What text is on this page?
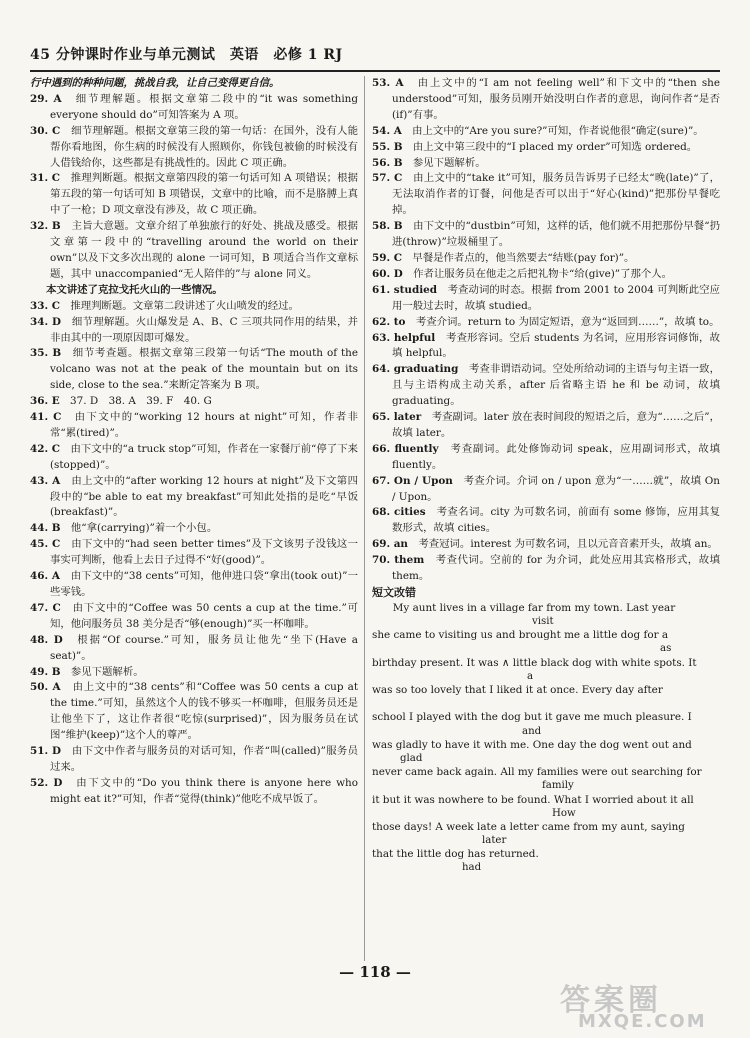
45 分钟课时作业与单元测试　英语　必修 1 RJ

行中遇到的种种问题，挑战自我，让自己变得更自信。

29. A　 细节理解题。根据文章第二段中的“it was something everyone should do”可知答案为 A 项。

30. C　 细节理解题。根据文章第三段的第一句话：在国外，没有人能帮你看地图，你生病的时候没有人照顾你，你钱包被偷的时候没有人借钱给你，这些都是有挑战性的。因此 C 项正确。

31. C　 推理判断题。根据文章第四段的第一句话可知 A 项错误；根据第五段的第一句话可知 B 项错误，文章中的比喻，而不是胳膊上真中了一枪；D 项文章没有涉及，故 C 项正确。

32. B　 主旨大意题。文章介绍了单独旅行的好处、挑战及感受。根据文章第一段中的“travelling around the world on their own”以及下文多次出现的 alone 一词可知，B 项适合当作文章标题，其中 unaccompanied“无人陪伴的”与 alone 同义。

本文讲述了克拉戈托火山的一些情况。

33. C　 推理判断题。文章第二段讲述了火山喷发的经过。

34. D　 细节理解题。火山爆发是 A、B、C 三项共同作用的结果，并非由其中的一项原因即可爆发。

35. B　 细节考查题。根据文章第三段第一句话“The mouth of the volcano was not at the peak of the mountain but on its side, close to the sea.”来断定答案为 B 项。

36. E　 37. D　38. A　39. F　40. G

41. C　 由下文中的“working 12 hours at night”可知，作者非常“累(tired)”。

42. C　 由下文中的“a truck stop”可知，作者在一家餐厅前“停了下来(stopped)”。

43. A　 由上文中的“after working 12 hours at night”及下文第四段中的“be able to eat my breakfast”可知此处指的是吃“早饭(breakfast)”。

44. B　 他“拿(carrying)”着一个小包。

45. C　 由下文中的“had seen better times”及下文该男子没钱这一事实可判断，他看上去日子过得不“好(good)”。

46. A　 由下文中的“38 cents”可知，他伸进口袋“拿出(took out)”一些零钱。

47. C　 由下文中的“Coffee was 50 cents a cup at the time.”可知，他问服务员 38 美分是否“够(enough)”买一杯咖啡。

48. D　 根据“Of course.”可知，服务员让他先“坐下(Have a seat)”。

49. B　 参见下题解析。

50. A　 由上文中的“38 cents”和“Coffee was 50 cents a cup at the time.”可知，虽然这个人的钱不够买一杯咖啡，但服务员还是让他坐下了，这让作者很“吃惊(surprised)”，因为服务员在试图“维护(keep)”这个人的尊严。

51. D　 由下文中作者与服务员的对话可知，作者“叫(called)”服务员过来。

52. D　 由下文中的“Do you think there is anyone here who might eat it?”可知，作者“觉得(think)”他吃不成早饭了。

53. A　 由上文中的“I am not feeling well”和下文中的“then she understood”可知，服务员刚开始没明白作者的意思，询问作者“是否(if)”有事。

54. A　 由上文中的“Are you sure?”可知，作者说他很“确定(sure)”。

55. B　 由上文中第三段中的“I placed my order”可知选 ordered。

56. B　 参见下题解析。

57. C　 由上文中的“take it”可知，服务员告诉男子已经太“晚(late)”了，无法取消作者的订餐，问他是否可以出于“好心(kind)”把那份早餐吃掉。

58. B　 由下文中的“dustbin”可知，这样的话，他们就不用把那份早餐“扔进(throw)”垃圾桶里了。

59. C　 早餐是作者点的，他当然要去“结账(pay for)”。

60. D　 作者让服务员在他走之后把礼物卡“给(give)”了那个人。

61. studied　 考查动词的时态。根据 from 2001 to 2004 可判断此空应用一般过去时，故填 studied。

62. to　 考查介词。return to 为固定短语，意为“返回到……”，故填 to。

63. helpful　 考查形容词。空后 students 为名词，应用形容词修饰，故填 helpful。

64. graduating　 考查非谓语动词。空处所给动词的主语与句主语一致，且与主语构成主动关系，after 后省略主语 he 和 be 动词，故填 graduating。

65. later　 考查副词。later 放在表时间段的短语之后，意为“……之后”，故填 later。

66. fluently　 考查副词。此处修饰动词 speak，应用副词形式，故填 fluently。

67. On / Upon　 考查介词。介词 on / upon 意为“一……就”，故填 On / Upon。

68. cities　 考查名词。city 为可数名词，前面有 some 修饰，应用其复数形式，故填 cities。

69. an　 考查冠词。interest 为可数名词，且以元音音素开头，故填 an。

70. them　 考查代词。空前的 for 为介词，此处应用其宾格形式，故填 them。

短文改错

　　My aunt lives in a village far from my town. Last year

visit

she came to visiting us and brought me a little dog for a

as

birthday present. It was ∧ little black dog with white spots. It

a

was so too lovely that I liked it at once. Every day after

school I played with the dog but it gave me much pleasure. I

and

was gladly to have it with me. One day the dog went out and

glad

never came back again. All my families were out searching for

family

it but it was nowhere to be found. What I worried about it all

How

those days! A week late a letter came from my aunt, saying

later

that the little dog has returned.

had

— 118 —
答案圈
MXQE.COM
